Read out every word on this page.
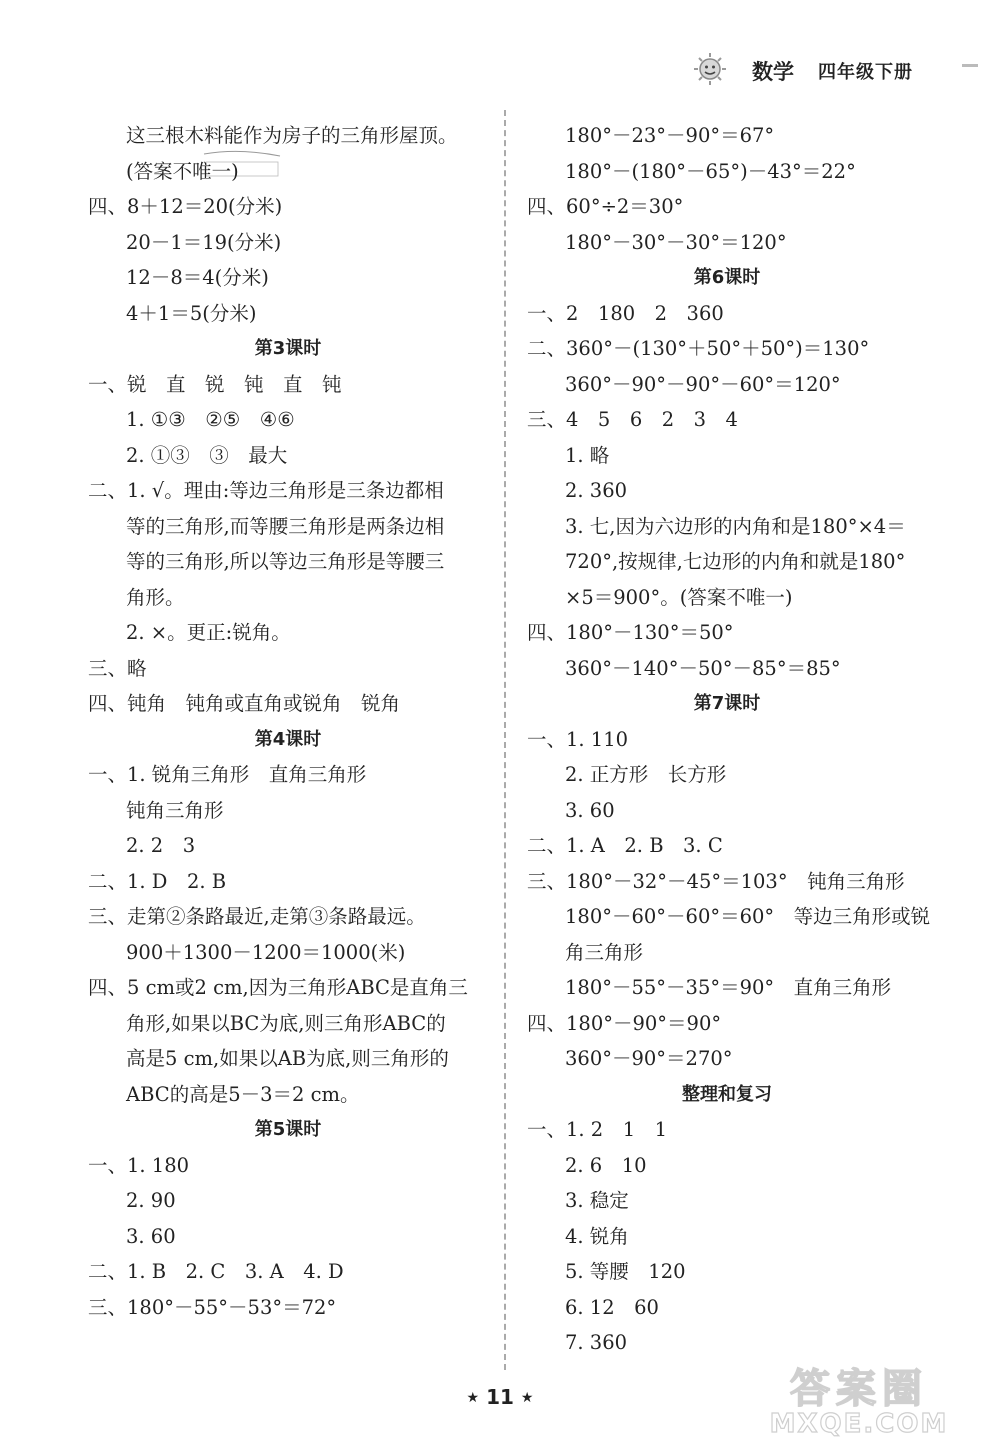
数学 四年级下册
这三根木料能作为房子的三角形屋顶。
(答案不唯一)
四、8＋12＝20(分米)
20－1＝19(分米)
12－8＝4(分米)
4＋1＝5(分米)
第3课时
一、锐　直　锐　钝　直　钝
1. ①③　②⑤　④⑥
2. ①③　③　最大
二、1. √。理由:等边三角形是三条边都相
等的三角形,而等腰三角形是两条边相
等的三角形,所以等边三角形是等腰三
角形。
2. ×。更正:锐角。
三、略
四、钝角　钝角或直角或锐角　锐角
第4课时
一、1. 锐角三角形　直角三角形
钝角三角形
2. 2　3
二、1. D　2. B
三、走第②条路最近,走第③条路最远。
900＋1300－1200＝1000(米)
四、5 cm或2 cm,因为三角形ABC是直角三
角形,如果以BC为底,则三角形ABC的
高是5 cm,如果以AB为底,则三角形的
ABC的高是5－3＝2 cm。
第5课时
一、1. 180
2. 90
3. 60
二、1. B　2. C　3. A　4. D
三、180°－55°－53°＝72°
180°－23°－90°＝67°
180°－(180°－65°)－43°＝22°
四、60°÷2＝30°
180°－30°－30°＝120°
第6课时
一、2　180　2　360
二、360°－(130°＋50°＋50°)＝130°
360°－90°－90°－60°＝120°
三、4　5　6　2　3　4
1. 略
2. 360
3. 七,因为六边形的内角和是180°×4＝
720°,按规律,七边形的内角和就是180°
×5＝900°。(答案不唯一)
四、180°－130°＝50°
360°－140°－50°－85°＝85°
第7课时
一、1. 110
2. 正方形　长方形
3. 60
二、1. A　2. B　3. C
三、180°－32°－45°＝103°　钝角三角形
180°－60°－60°＝60°　等边三角形或锐
角三角形
180°－55°－35°＝90°　直角三角形
四、180°－90°＝90°
360°－90°＝270°
整理和复习
一、1. 2　1　1
2. 6　10
3. 稳定
4. 锐角
5. 等腰　120
6. 12　60
7. 360
★ 11 ★	答案圈
MXQE.COM
